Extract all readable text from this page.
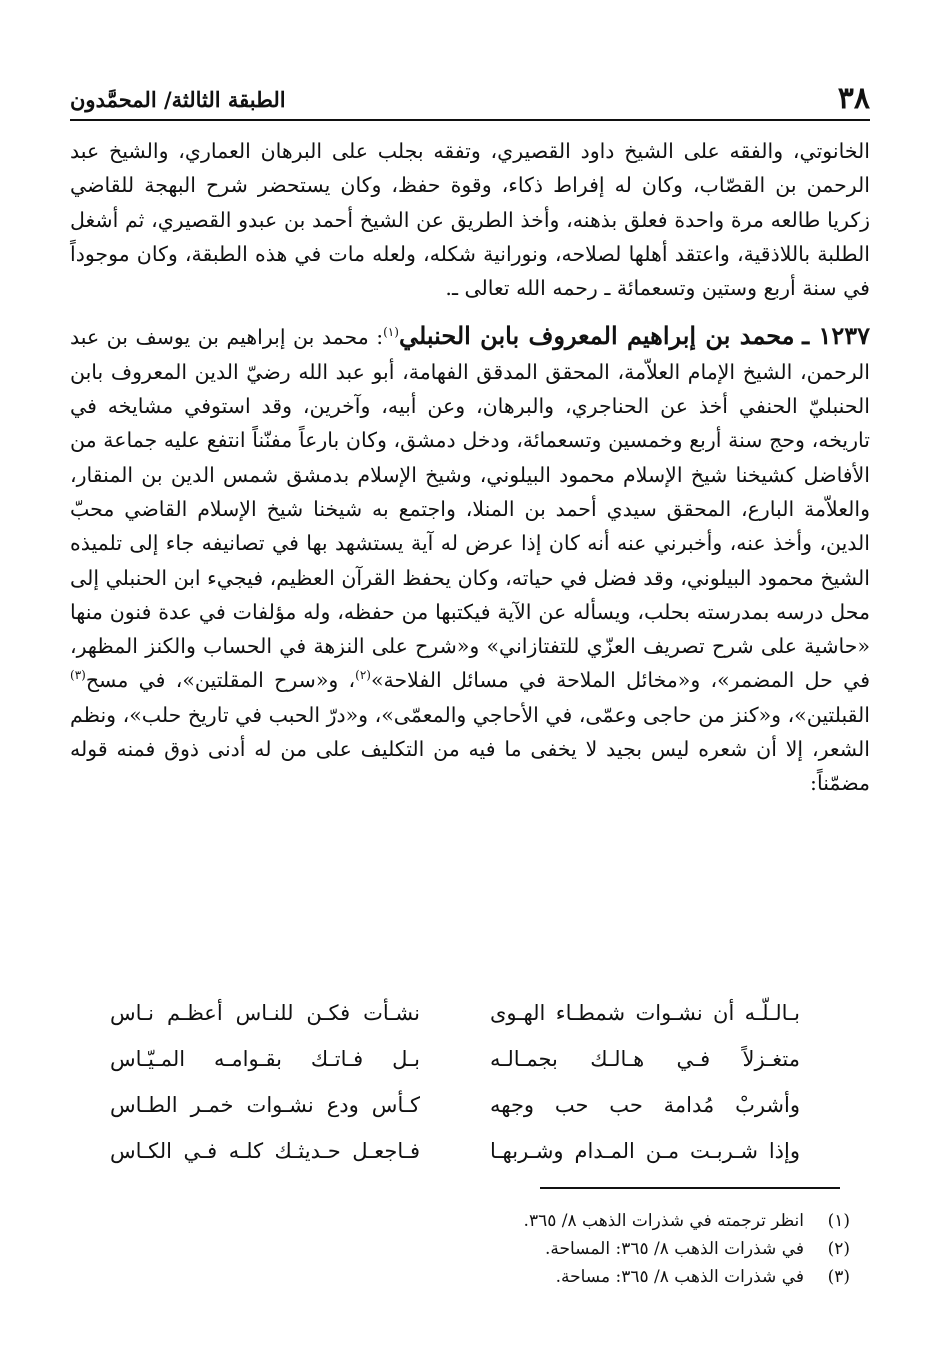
٣٨
الطبقة الثالثة/ المحمَّدون

الخانوتي، والفقه على الشيخ داود القصيري، وتفقه بجلب على البرهان العماري، والشيخ عبد الرحمن بن القصّاب، وكان له إفراط ذكاء، وقوة حفظ، وكان يستحضر شرح البهجة للقاضي زكريا طالعه مرة واحدة فعلق بذهنه، وأخذ الطريق عن الشيخ أحمد بن عبدو القصيري، ثم أشغل الطلبة باللاذقية، واعتقد أهلها لصلاحه، ونورانية شكله، ولعله مات في هذه الطبقة، وكان موجوداً في سنة أربع وستين وتسعمائة ـ رحمه الله تعالى ـ.

١٢٣٧ ـ محمد بن إبراهيم المعروف بابن الحنبلي$^{(١)}$: محمد بن إبراهيم بن يوسف بن عبد الرحمن، الشيخ الإمام العلاّمة، المحقق المدقق الفهامة، أبو عبد الله رضيّ الدين المعروف بابن الحنبليّ الحنفي أخذ عن الحناجري، والبرهان، وعن أبيه، وآخرين، وقد استوفي مشايخه في تاريخه، وحج سنة أربع وخمسين وتسعمائة، ودخل دمشق، وكان بارعاً مفنّناً انتفع عليه جماعة من الأفاضل كشيخنا شيخ الإسلام محمود البيلوني، وشيخ الإسلام بدمشق شمس الدين بن المنقار، والعلاّمة البارع، المحقق سيدي أحمد بن المنلا، واجتمع به شيخنا شيخ الإسلام القاضي محبّ الدين، وأخذ عنه، وأخبرني عنه أنه كان إذا عرض له آية يستشهد بها في تصانيفه جاء إلى تلميذه الشيخ محمود البيلوني، وقد فضل في حياته، وكان يحفظ القرآن العظيم، فيجيء ابن الحنبلي إلى محل درسه بمدرسته بحلب، ويسأله عن الآية فيكتبها من حفظه، وله مؤلفات في عدة فنون منها «حاشية على شرح تصريف العزّي للتفتازاني» و«شرح على النزهة في الحساب والكنز المظهر، في حل المضمر»، و«مخائل الملاحة في مسائل الفلاحة»$^{(٢)}$، و«سرح المقلتين»، في مسح$^{(٣)}$ القبلتين»، و«كنز من حاجى وعمّى، في الأحاجي والمعمّى»، و«درّ الحبب في تاريخ حلب»، ونظم الشعر، إلا أن شعره ليس بجيد لا يخفى ما فيه من التكليف على من له أدنى ذوق فمنه قوله مضمّناً:

بـالـلّـه أن نشـوات شمطـاء الهـوى
نشـأت فكـن للنـاس أعظـم نـاس
متغـزلاً فـي هـالـك بجمـالـه
بـل فـاتـك بقـوامـه المـيّـاس
وأشربْ مُدامة حب حب وجهه
كـأس ودع نشـوات خمـر الطـاس
وإذا شـربـت مـن المـدام وشـربهـا
فـاجعـل حـديثـك كلـه فـي الكـاس
(١)
انظر ترجمته في شذرات الذهب ٨/ ٣٦٥.
(٢)
في شذرات الذهب ٨/ ٣٦٥: المساحة.
(٣)
في شذرات الذهب ٨/ ٣٦٥: مساحة.
